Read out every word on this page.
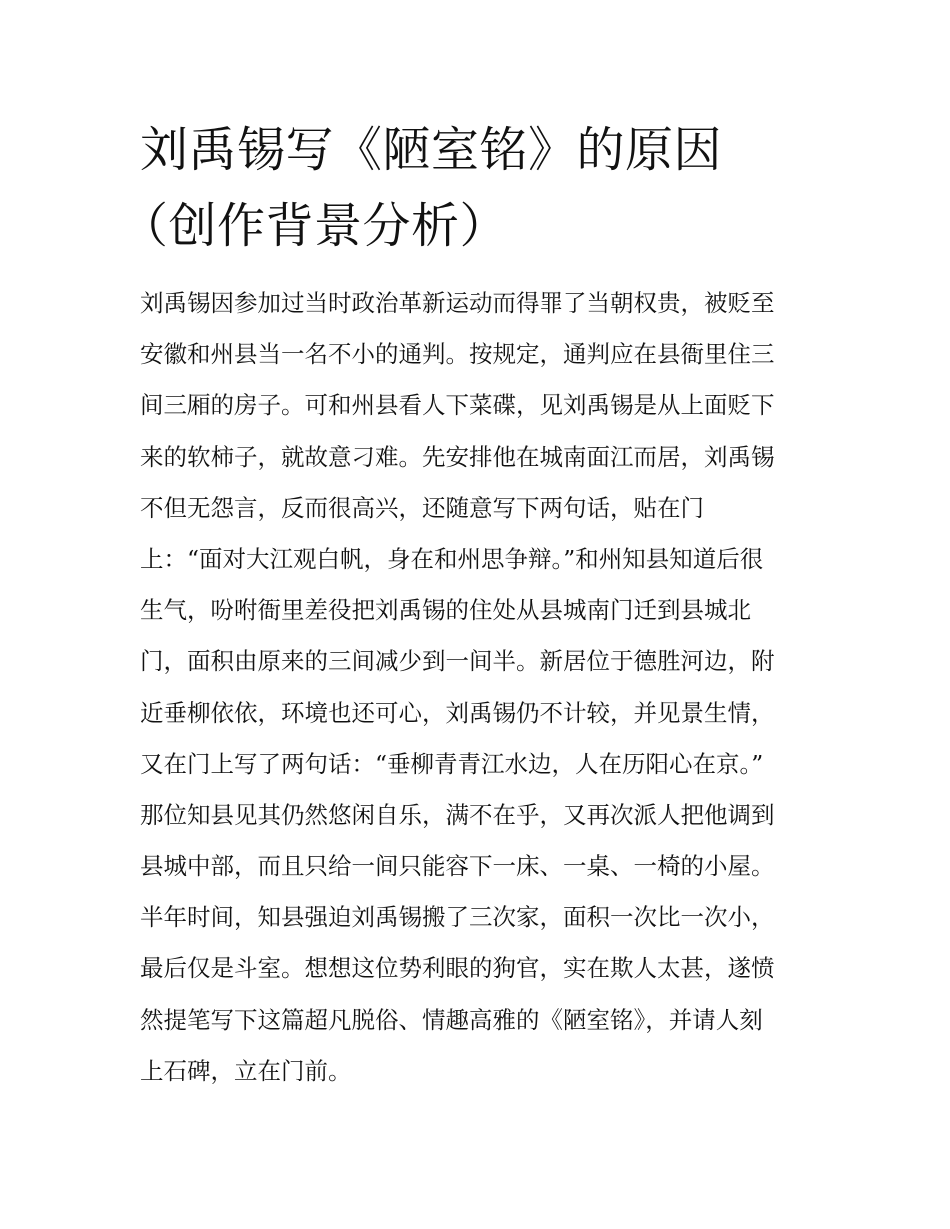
刘禹锡写《陋室铭》的原因
（创作背景分析）
刘禹锡因参加过当时政治革新运动而得罪了当朝权贵，被贬至
安徽和州县当一名不小的通判。按规定，通判应在县衙里住三
间三厢的房子。可和州县看人下菜碟，见刘禹锡是从上面贬下
来的软柿子，就故意刁难。先安排他在城南面江而居，刘禹锡
不但无怨言，反而很高兴，还随意写下两句话，贴在门
上：“面对大江观白帆，身在和州思争辩。”和州知县知道后很
生气，吩咐衙里差役把刘禹锡的住处从县城南门迁到县城北
门，面积由原来的三间减少到一间半。新居位于德胜河边，附
近垂柳依依，环境也还可心，刘禹锡仍不计较，并见景生情，
又在门上写了两句话：“垂柳青青江水边，人在历阳心在京。”
那位知县见其仍然悠闲自乐，满不在乎，又再次派人把他调到
县城中部，而且只给一间只能容下一床、一桌、一椅的小屋。
半年时间，知县强迫刘禹锡搬了三次家，面积一次比一次小，
最后仅是斗室。想想这位势利眼的狗官，实在欺人太甚，遂愤
然提笔写下这篇超凡脱俗、情趣高雅的《陋室铭》，并请人刻
上石碑，立在门前。
